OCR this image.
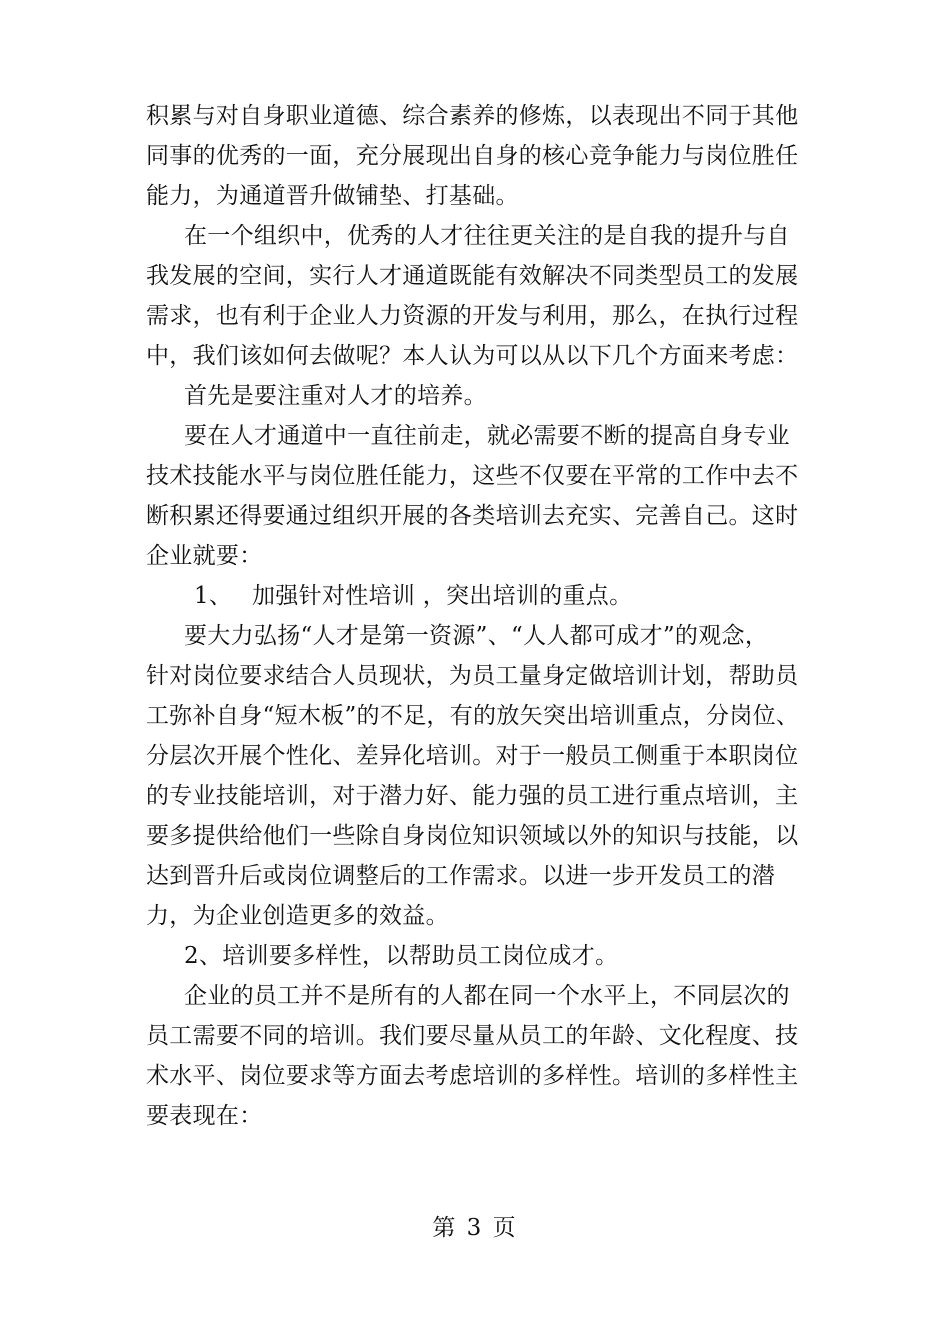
积累与对自身职业道德、综合素养的修炼，以表现出不同于其他
同事的优秀的一面，充分展现出自身的核心竞争能力与岗位胜任
能力，为通道晋升做铺垫、打基础。
在一个组织中，优秀的人才往往更关注的是自我的提升与自
我发展的空间，实行人才通道既能有效解决不同类型员工的发展
需求，也有利于企业人力资源的开发与利用，那么，在执行过程
中，我们该如何去做呢？本人认为可以从以下几个方面来考虑：
首先是要注重对人才的培养。
要在人才通道中一直往前走，就必需要不断的提高自身专业
技术技能水平与岗位胜任能力，这些不仅要在平常的工作中去不
断积累还得要通过组织开展的各类培训去充实、完善自己。这时
企业就要：
1、 加强针对性培训 ，突出培训的重点。
要大力弘扬“人才是第一资源”、“人人都可成才”的观念，
针对岗位要求结合人员现状，为员工量身定做培训计划，帮助员
工弥补自身“短木板”的不足，有的放矢突出培训重点，分岗位、
分层次开展个性化、差异化培训。对于一般员工侧重于本职岗位
的专业技能培训，对于潜力好、能力强的员工进行重点培训，主
要多提供给他们一些除自身岗位知识领域以外的知识与技能，以
达到晋升后或岗位调整后的工作需求。以进一步开发员工的潜
力，为企业创造更多的效益。
2、培训要多样性，以帮助员工岗位成才。
企业的员工并不是所有的人都在同一个水平上，不同层次的
员工需要不同的培训。我们要尽量从员工的年龄、文化程度、技
术水平、岗位要求等方面去考虑培训的多样性。培训的多样性主
要表现在：
第 3 页
